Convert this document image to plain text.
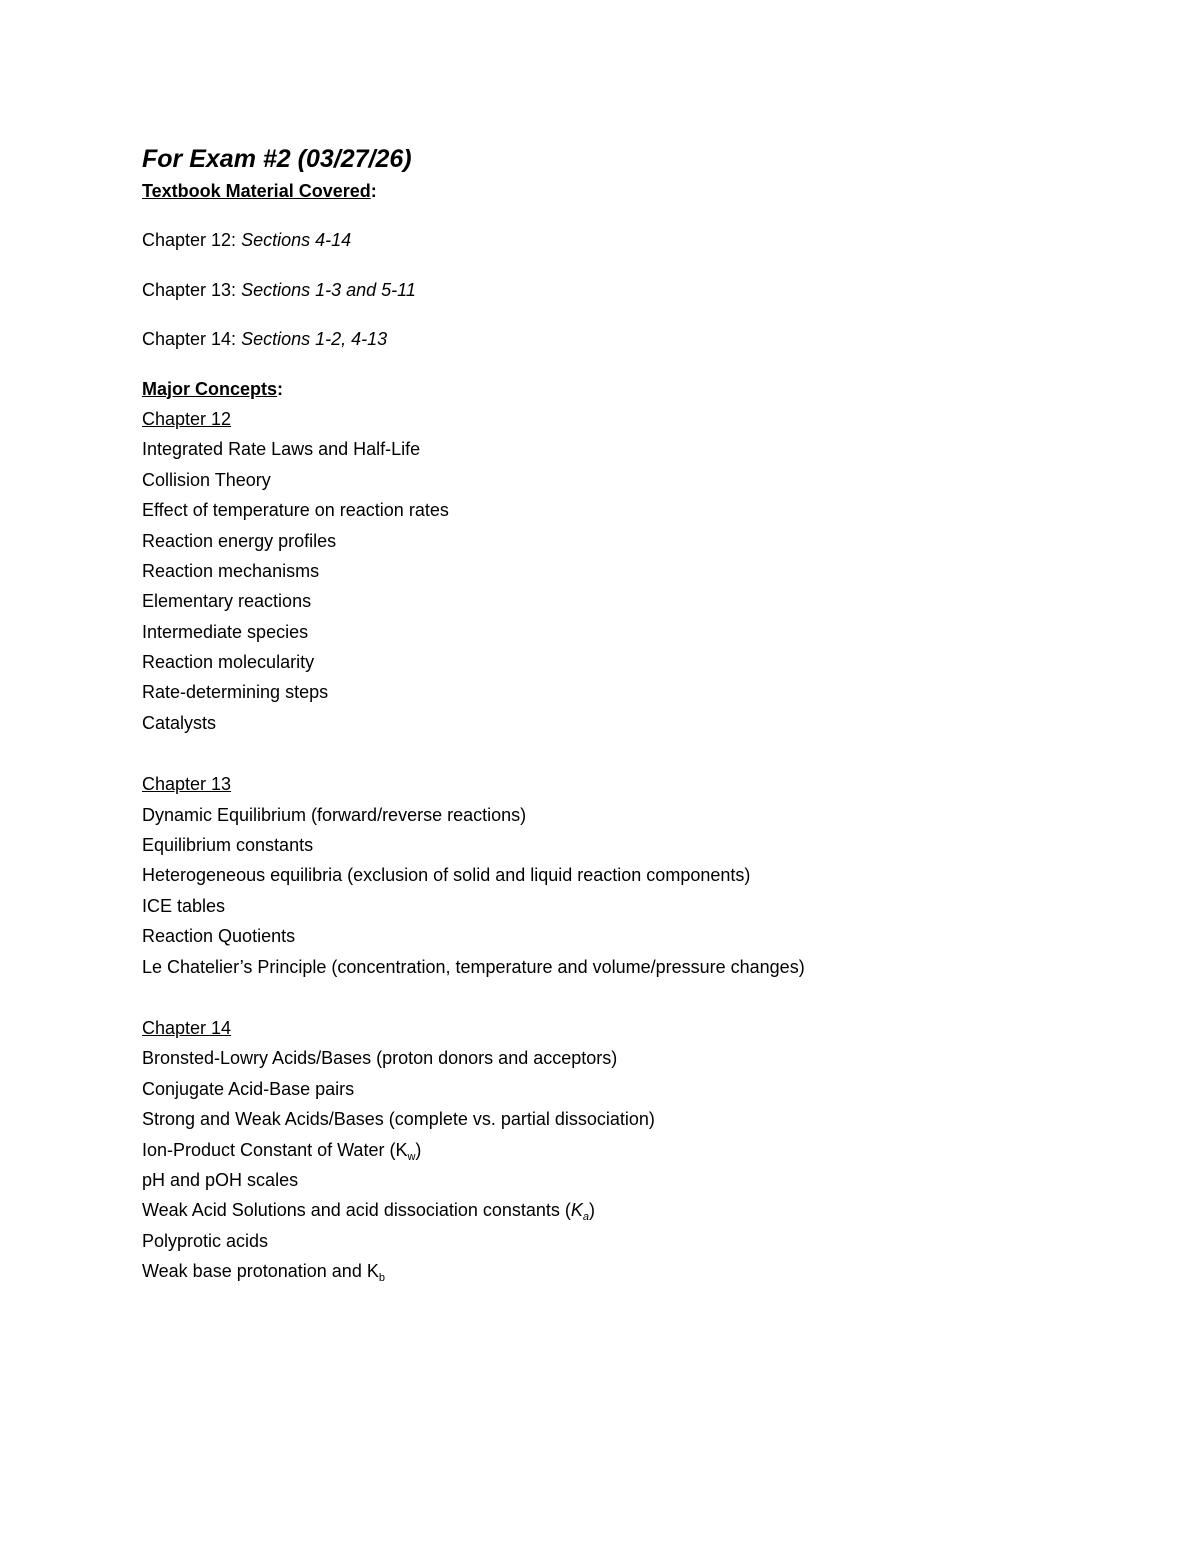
For Exam #2 (03/27/26)
Textbook Material Covered:
Chapter 12: Sections 4-14
Chapter 13: Sections 1-3 and 5-11
Chapter 14: Sections 1-2, 4-13
Major Concepts:
Chapter 12
Integrated Rate Laws and Half-Life
Collision Theory
Effect of temperature on reaction rates
Reaction energy profiles
Reaction mechanisms
Elementary reactions
Intermediate species
Reaction molecularity
Rate-determining steps
Catalysts
Chapter 13
Dynamic Equilibrium (forward/reverse reactions)
Equilibrium constants
Heterogeneous equilibria (exclusion of solid and liquid reaction components)
ICE tables
Reaction Quotients
Le Chatelier’s Principle (concentration, temperature and volume/pressure changes)
Chapter 14
Bronsted-Lowry Acids/Bases (proton donors and acceptors)
Conjugate Acid-Base pairs
Strong and Weak Acids/Bases (complete vs. partial dissociation)
Ion-Product Constant of Water $(K_w)$
pH and pOH scales
Weak Acid Solutions and acid dissociation constants $(K_a)$
Polyprotic acids
Weak base protonation and $K_b$
